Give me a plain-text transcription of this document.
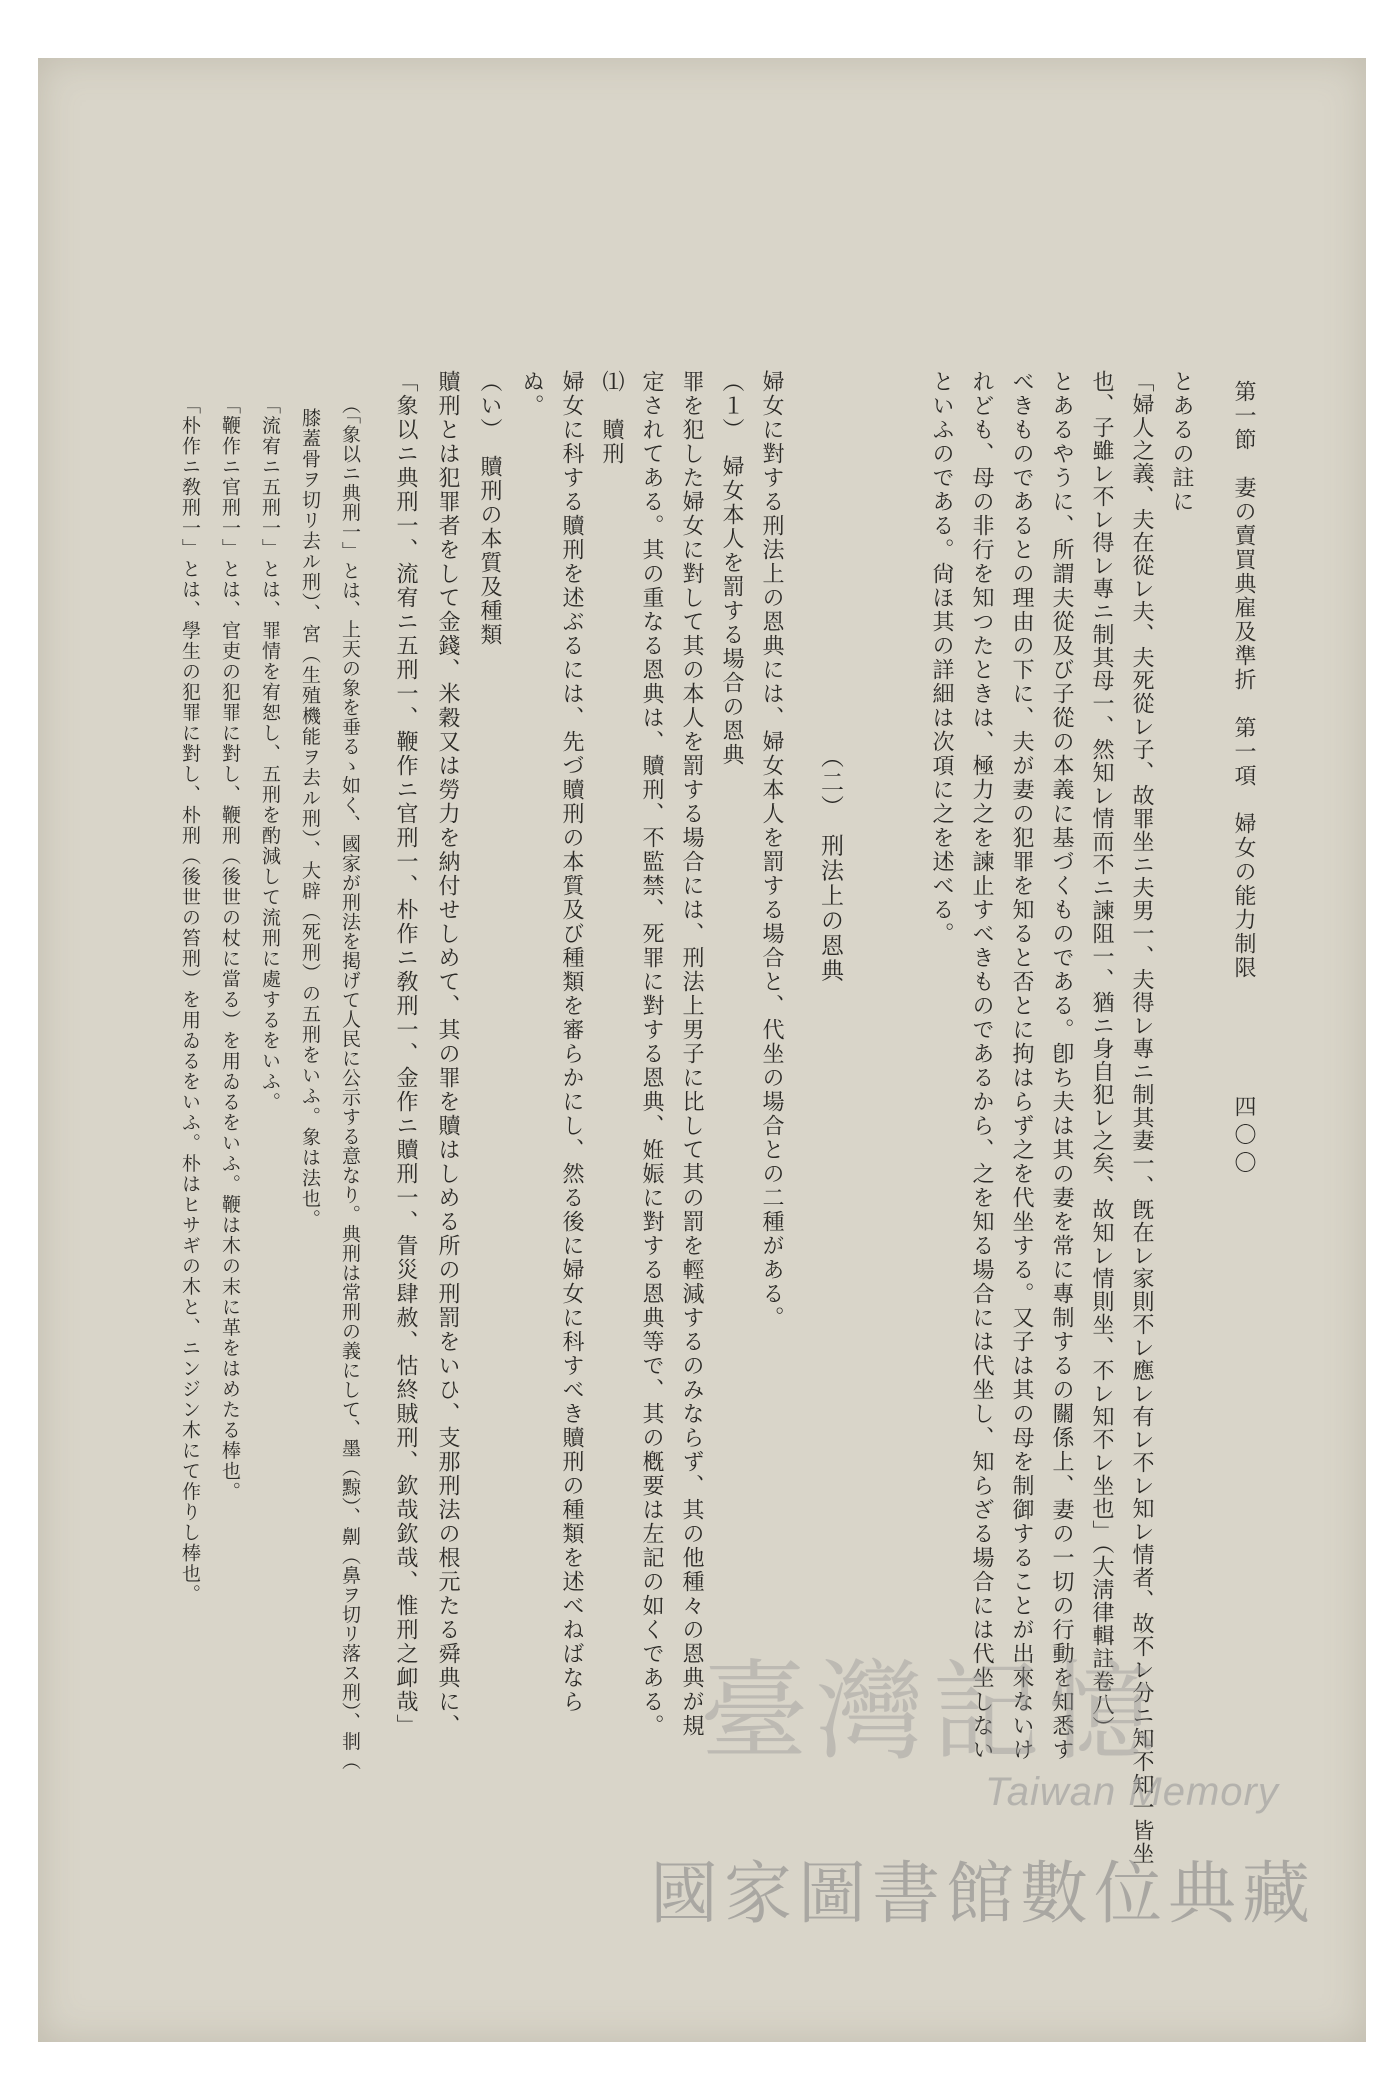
第一節　妻の賣買典雇及準折　第一項　婦女の能力制限
四〇〇
とあるの註に
「婦人之義、夫在從レ夫、夫死從レ子、故罪坐ニ夫男一、夫得レ專ニ制其妻一、旣在レ家則不レ應レ有レ不レ知レ情者、故不レ分ニ知不知一皆坐
也、子雖レ不レ得レ專ニ制其母一、然知レ情而不ニ諫阻一、猶ニ身自犯レ之矣、故知レ情則坐、不レ知不レ坐也」（大淸律輯註卷八）
とあるやうに、所謂夫從及び子從の本義に基づくものである。卽ち夫は其の妻を常に專制するの關係上、妻の一切の行動を知悉す
べきものであるとの理由の下に、夫が妻の犯罪を知ると否とに拘はらず之を代坐する。又子は其の母を制御することが出來ないけ
れども、母の非行を知つたときは、極力之を諫止すべきものであるから、之を知る場合には代坐し、知らざる場合には代坐しない
といふのである。尙ほ其の詳細は次項に之を述べる。
（二）　刑法上の恩典
婦女に對する刑法上の恩典には、婦女本人を罰する場合と、代坐の場合との二種がある。
（１）　婦女本人を罰する場合の恩典
罪を犯した婦女に對して其の本人を罰する場合には、刑法上男子に比して其の罰を輕減するのみならず、其の他種々の恩典が規
定されてある。其の重なる恩典は、贖刑、不監禁、死罪に對する恩典、姙娠に對する恩典等で、其の槪要は左記の如くである。
⑴　贖刑
婦女に科する贖刑を述ぶるには、先づ贖刑の本質及び種類を審らかにし、然る後に婦女に科すべき贖刑の種類を述べねばなら
ぬ。
（い）　贖刑の本質及種類
贖刑とは犯罪者をして金錢、米穀又は勞力を納付せしめて、其の罪を贖はしめる所の刑罰をいひ、支那刑法の根元たる舜典に、
「象以ニ典刑一、流宥ニ五刑一、鞭作ニ官刑一、朴作ニ敎刑一、金作ニ贖刑一、眚災肆赦、怙終賊刑、欽哉欽哉、惟刑之卹哉」
（「象以ニ典刑一」とは、上天の象を垂るゝ如く、國家が刑法を掲げて人民に公示する意なり。典刑は常刑の義にして、墨（黥）、劓（鼻ヲ切リ落ス刑）、剕（
膝蓋骨ヲ切リ去ル刑）、宮（生殖機能ヲ去ル刑）、大辟（死刑）の五刑をいふ。象は法也。
「流宥ニ五刑一」とは、罪情を宥恕し、五刑を酌減して流刑に處するをいふ。
「鞭作ニ官刑一」とは、官吏の犯罪に對し、鞭刑（後世の杖に當る）を用ゐるをいふ。鞭は木の末に革をはめたる棒也。
「朴作ニ敎刑一」とは、學生の犯罪に對し、朴刑（後世の笞刑）を用ゐるをいふ。朴はヒサギの木と、ニンジン木にて作りし棒也。
臺灣記憶
Taiwan Memory
國家圖書館數位典藏
